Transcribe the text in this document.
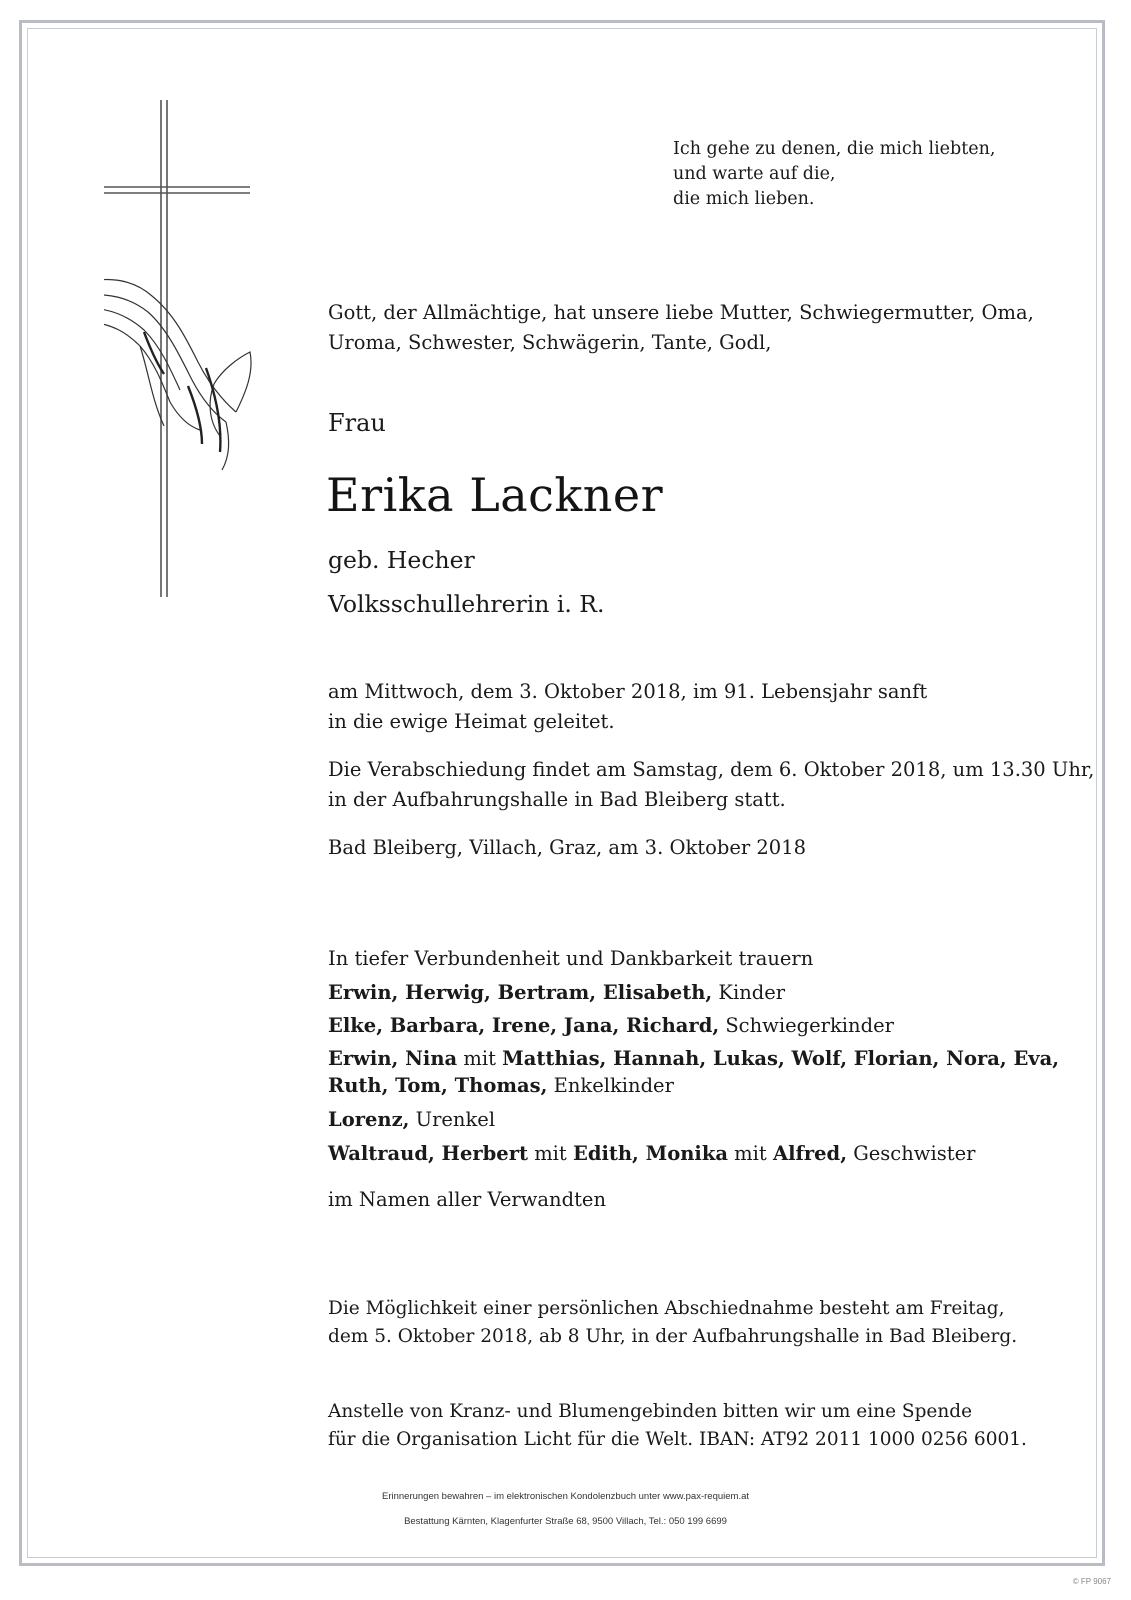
Ich gehe zu denen, die mich liebten,
und warte auf die,
die mich lieben.
Gott, der Allmächtige, hat unsere liebe Mutter, Schwiegermutter, Oma,
Uroma, Schwester, Schwägerin, Tante, Godl,
Frau
Erika Lackner
geb. Hecher
Volksschullehrerin i. R.
am Mittwoch, dem 3. Oktober 2018, im 91. Lebensjahr sanft
in die ewige Heimat geleitet.
Die Verabschiedung findet am Samstag, dem 6. Oktober 2018, um 13.30 Uhr,
in der Aufbahrungshalle in Bad Bleiberg statt.
Bad Bleiberg, Villach, Graz, am 3. Oktober 2018
In tiefer Verbundenheit und Dankbarkeit trauern
Erwin, Herwig, Bertram, Elisabeth, Kinder
Elke, Barbara, Irene, Jana, Richard, Schwiegerkinder
Erwin, Nina mit Matthias, Hannah, Lukas, Wolf, Florian, Nora, Eva,
Ruth, Tom, Thomas, Enkelkinder
Lorenz, Urenkel
Waltraud, Herbert mit Edith, Monika mit Alfred, Geschwister
im Namen aller Verwandten
Die Möglichkeit einer persönlichen Abschiednahme besteht am Freitag,
dem 5. Oktober 2018, ab 8 Uhr, in der Aufbahrungshalle in Bad Bleiberg.
Anstelle von Kranz- und Blumengebinden bitten wir um eine Spende
für die Organisation Licht für die Welt. IBAN: AT92 2011 1000 0256 6001.
Erinnerungen bewahren – im elektronischen Kondolenzbuch unter www.pax-requiem.at
Bestattung Kärnten, Klagenfurter Straße 68, 9500 Villach, Tel.: 050 199 6699
© FP 9067
